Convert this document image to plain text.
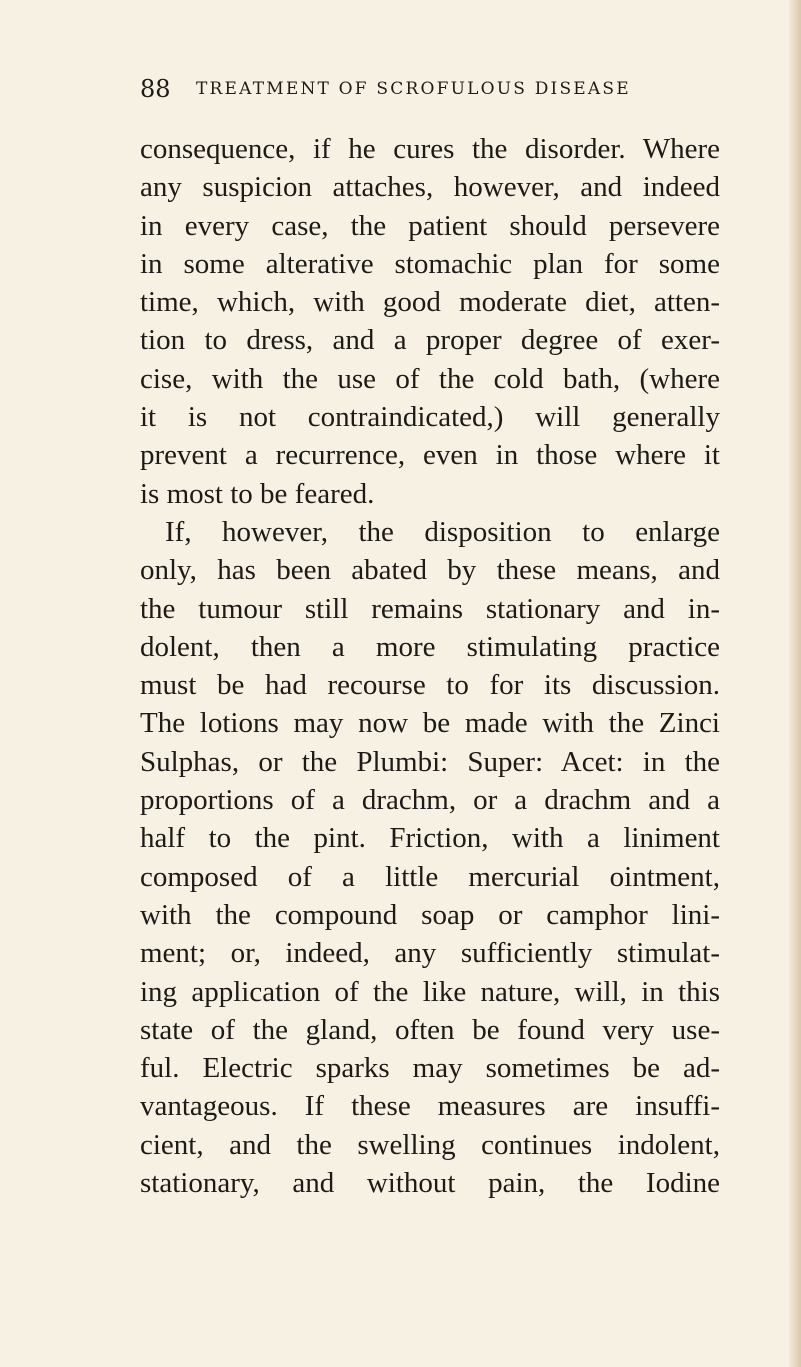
88 TREATMENT OF SCROFULOUS DISEASE
consequence, if he cures the disorder. Where
any suspicion attaches, however, and indeed
in every case, the patient should persevere
in some alterative stomachic plan for some
time, which, with good moderate diet, atten-
tion to dress, and a proper degree of exer-
cise, with the use of the cold bath, (where
it is not contraindicated,) will generally
prevent a recurrence, even in those where it
is most to be feared.
If, however, the disposition to enlarge
only, has been abated by these means, and
the tumour still remains stationary and in-
dolent, then a more stimulating practice
must be had recourse to for its discussion.
The lotions may now be made with the Zinci
Sulphas, or the Plumbi: Super: Acet: in the
proportions of a drachm, or a drachm and a
half to the pint. Friction, with a liniment
composed of a little mercurial ointment,
with the compound soap or camphor lini-
ment; or, indeed, any sufficiently stimulat-
ing application of the like nature, will, in this
state of the gland, often be found very use-
ful. Electric sparks may sometimes be ad-
vantageous. If these measures are insuffi-
cient, and the swelling continues indolent,
stationary, and without pain, the Iodine
